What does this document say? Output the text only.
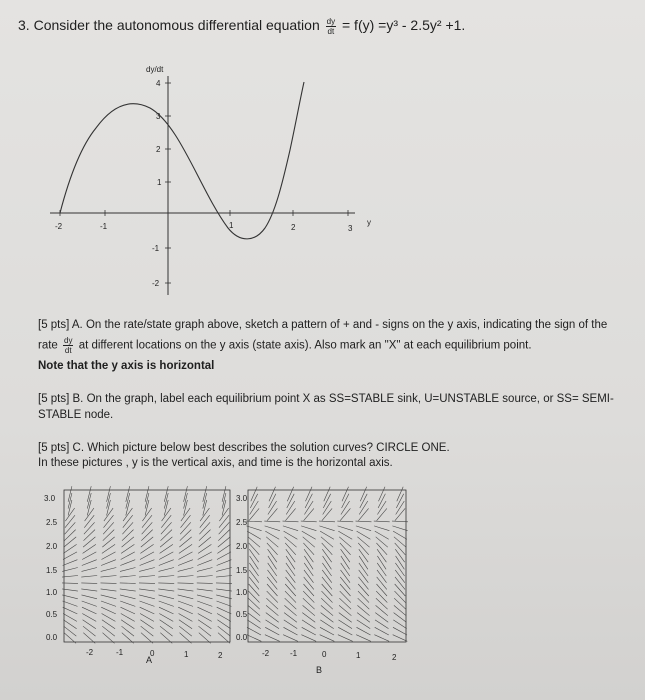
3. Consider the autonomous differential equation $\frac{dy}{dt} = f(y) =y^3 - 2.5y^2 +1$.
dy/dt
y
-2	-1	1	2	3
4
3
2
1
-1
-2
[5 pts] A. On the rate/state graph above, sketch a pattern of + and - signs on the y axis, indicating the sign of the
rate $\frac{dy}{dt}$ at different locations on the y axis (state axis). Also mark an "X" at each equilibrium point.
Note that the y axis is horizontal
[5 pts] B. On the graph, label each equilibrium point X as SS=STABLE sink, U=UNSTABLE source, or SS= SEMI-
STABLE node.
[5 pts] C. Which picture below best describes the solution curves? CIRCLE ONE.
In these pictures , y is the vertical axis, and time is the horizontal axis.
3.0
2.5
2.0
1.5
1.0
0.5
0.0
-2	-1	0	1	2
A
3.0
2.5
2.0
1.5
1.0
0.5
0.0
-2	-1	0	1	2
B
